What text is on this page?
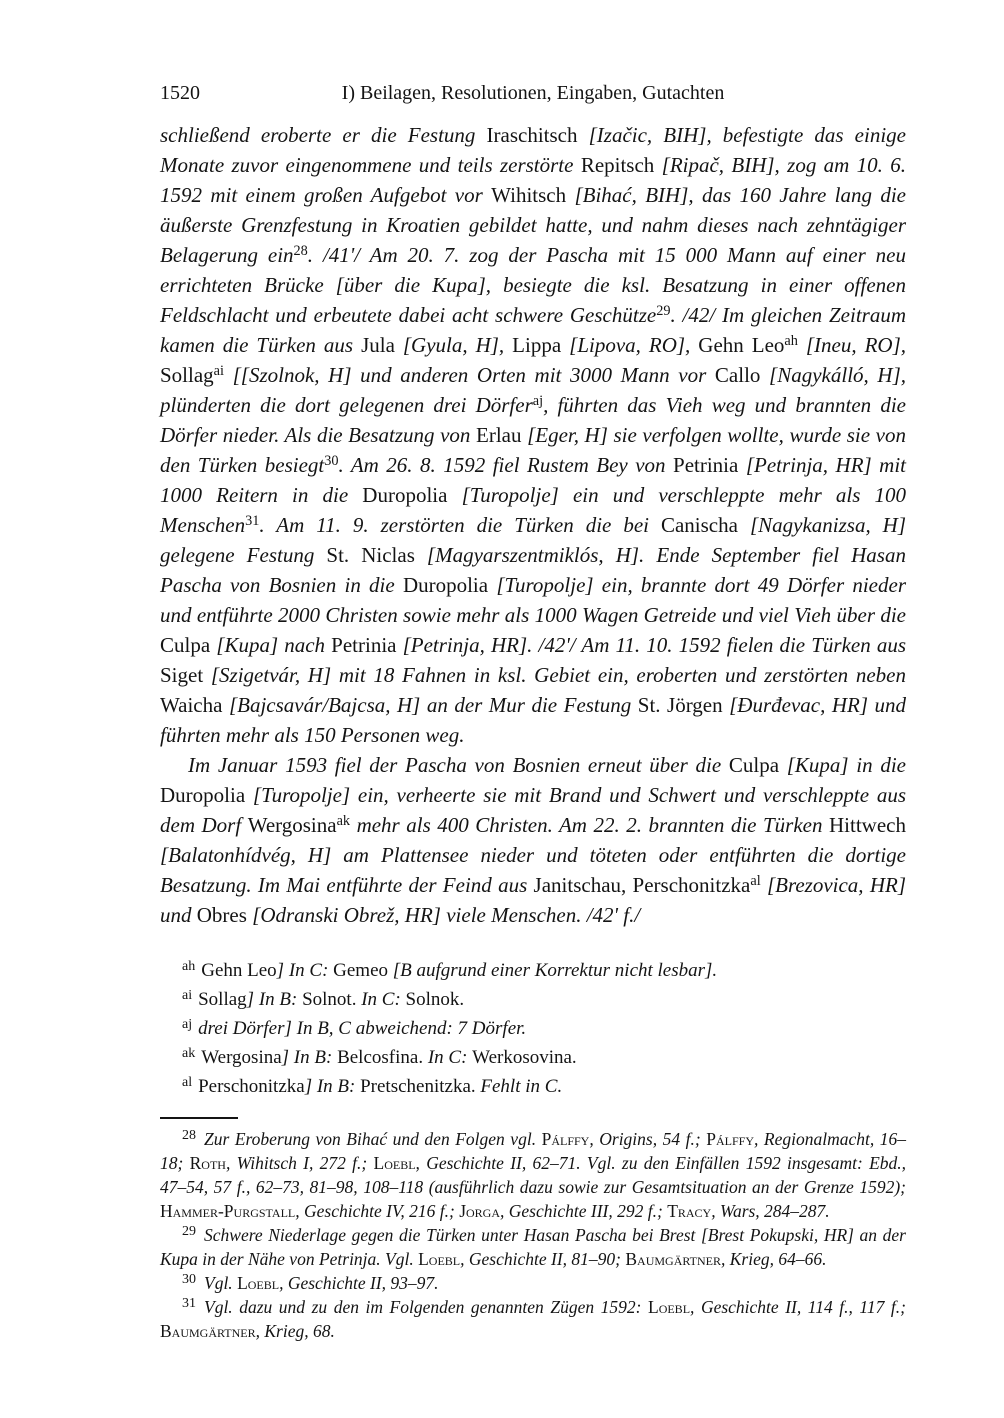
1520	I) Beilagen, Resolutionen, Eingaben, Gutachten

schließend eroberte er die Festung Iraschitsch [Izačic, BIH], befestigte das einige Monate zuvor eingenommene und teils zerstörte Repitsch [Ripač, BIH], zog am 10. 6. 1592 mit einem großen Aufgebot vor Wihitsch [Bihać, BIH], das 160 Jahre lang die äußerste Grenzfestung in Kroatien gebildet hatte, und nahm dieses nach zehntägiger Belagerung ein$^{28}$. /41'/ Am 20. 7. zog der Pascha mit 15 000 Mann auf einer neu errichteten Brücke [über die Kupa], besiegte die ksl. Besatzung in einer offenen Feldschlacht und erbeutete dabei acht schwere Geschütze$^{29}$. /42/ Im gleichen Zeitraum kamen die Türken aus Jula [Gyula, H], Lippa [Lipova, RO], Gehn Leo$^{ah}$ [Ineu, RO], Sollag$^{ai}$ [[Szolnok, H] und anderen Orten mit 3000 Mann vor Callo [Nagykálló, H], plünderten die dort gelegenen drei Dörfer$^{aj}$, führten das Vieh weg und brannten die Dörfer nieder. Als die Besatzung von Erlau [Eger, H] sie verfolgen wollte, wurde sie von den Türken besiegt$^{30}$. Am 26. 8. 1592 fiel Rustem Bey von Petrinia [Petrinja, HR] mit 1000 Reitern in die Duropolia [Turopolje] ein und verschleppte mehr als 100 Menschen$^{31}$. Am 11. 9. zerstörten die Türken die bei Canischa [Nagykanizsa, H] gelegene Festung St. Niclas [Magyarszentmiklós, H]. Ende September fiel Hasan Pascha von Bosnien in die Duropolia [Turopolje] ein, brannte dort 49 Dörfer nieder und entführte 2000 Christen sowie mehr als 1000 Wagen Getreide und viel Vieh über die Culpa [Kupa] nach Petrinia [Petrinja, HR]. /42'/ Am 11. 10. 1592 fielen die Türken aus Siget [Szigetvár, H] mit 18 Fahnen in ksl. Gebiet ein, eroberten und zerstörten neben Waicha [Bajcsavár/Bajcsa, H] an der Mur die Festung St. Jörgen [Đurđevac, HR] und führten mehr als 150 Personen weg.

Im Januar 1593 fiel der Pascha von Bosnien erneut über die Culpa [Kupa] in die Duropolia [Turopolje] ein, verheerte sie mit Brand und Schwert und verschleppte aus dem Dorf Wergosina$^{ak}$ mehr als 400 Christen. Am 22. 2. brannten die Türken Hittwech [Balatonhídvég, H] am Plattensee nieder und töteten oder entführten die dortige Besatzung. Im Mai entführte der Feind aus Janitschau, Perschonitzka$^{al}$ [Brezovica, HR] und Obres [Odranski Obrež, HR] viele Menschen. /42' f./

$^{ah}$ Gehn Leo] In C: Gemeo [B aufgrund einer Korrektur nicht lesbar].

$^{ai}$ Sollag] In B: Solnot. In C: Solnok.

$^{aj}$ drei Dörfer] In B, C abweichend: 7 Dörfer.

$^{ak}$ Wergosina] In B: Belcosfina. In C: Werkosovina.

$^{al}$ Perschonitzka] In B: Pretschenitzka. Fehlt in C.

$^{28}$ Zur Eroberung von Bihać und den Folgen vgl. Pálffy, Origins, 54 f.; Pálffy, Regionalmacht, 16–18; Roth, Wihitsch I, 272 f.; Loebl, Geschichte II, 62–71. Vgl. zu den Einfällen 1592 insgesamt: Ebd., 47–54, 57 f., 62–73, 81–98, 108–118 (ausführlich dazu sowie zur Gesamtsituation an der Grenze 1592); Hammer-Purgstall, Geschichte IV, 216 f.; Jorga, Geschichte III, 292 f.; Tracy, Wars, 284–287.

$^{29}$ Schwere Niederlage gegen die Türken unter Hasan Pascha bei Brest [Brest Pokupski, HR] an der Kupa in der Nähe von Petrinja. Vgl. Loebl, Geschichte II, 81–90; Baumgärtner, Krieg, 64–66.

$^{30}$ Vgl. Loebl, Geschichte II, 93–97.

$^{31}$ Vgl. dazu und zu den im Folgenden genannten Zügen 1592: Loebl, Geschichte II, 114 f., 117 f.; Baumgärtner, Krieg, 68.
